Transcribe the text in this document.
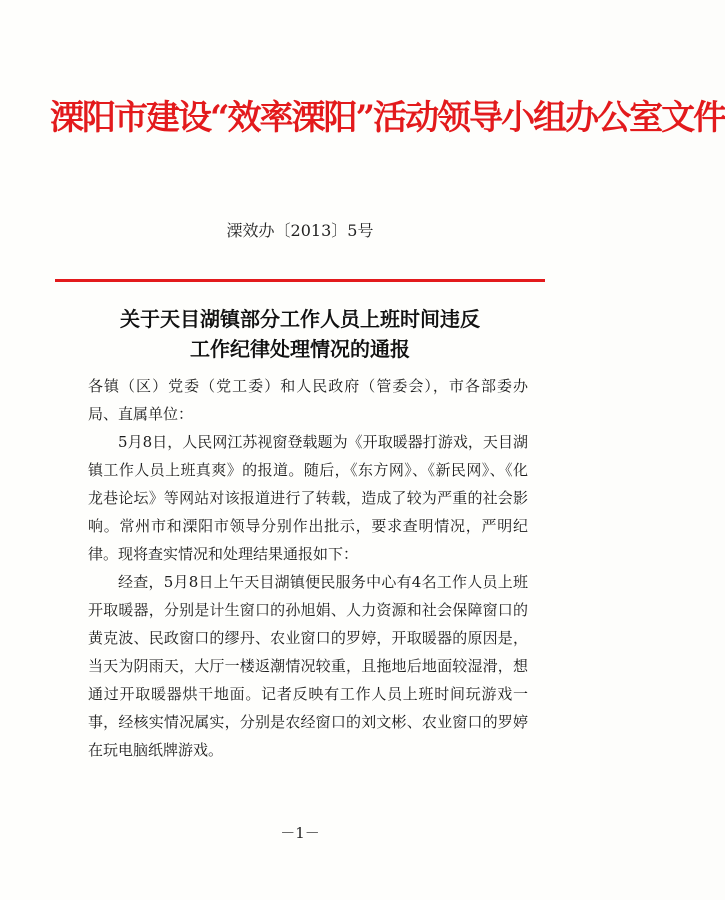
溧阳市建设“效率溧阳”活动领导小组办公室文件
溧效办〔2013〕5号
关于天目湖镇部分工作人员上班时间违反
工作纪律处理情况的通报

各镇（区）党委（党工委）和人民政府（管委会），市各部委办局、直属单位：

5月8日，人民网江苏视窗登载题为《开取暖器打游戏，天目湖镇工作人员上班真爽》的报道。随后，《东方网》、《新民网》、《化龙巷论坛》等网站对该报道进行了转载，造成了较为严重的社会影响。常州市和溧阳市领导分别作出批示，要求查明情况，严明纪律。现将查实情况和处理结果通报如下：

经查，5月8日上午天目湖镇便民服务中心有4名工作人员上班开取暖器，分别是计生窗口的孙旭娟、人力资源和社会保障窗口的黄克波、民政窗口的缪丹、农业窗口的罗婷，开取暖器的原因是，当天为阴雨天，大厅一楼返潮情况较重，且拖地后地面较湿滑，想通过开取暖器烘干地面。记者反映有工作人员上班时间玩游戏一事，经核实情况属实，分别是农经窗口的刘文彬、农业窗口的罗婷在玩电脑纸牌游戏。

－1－
